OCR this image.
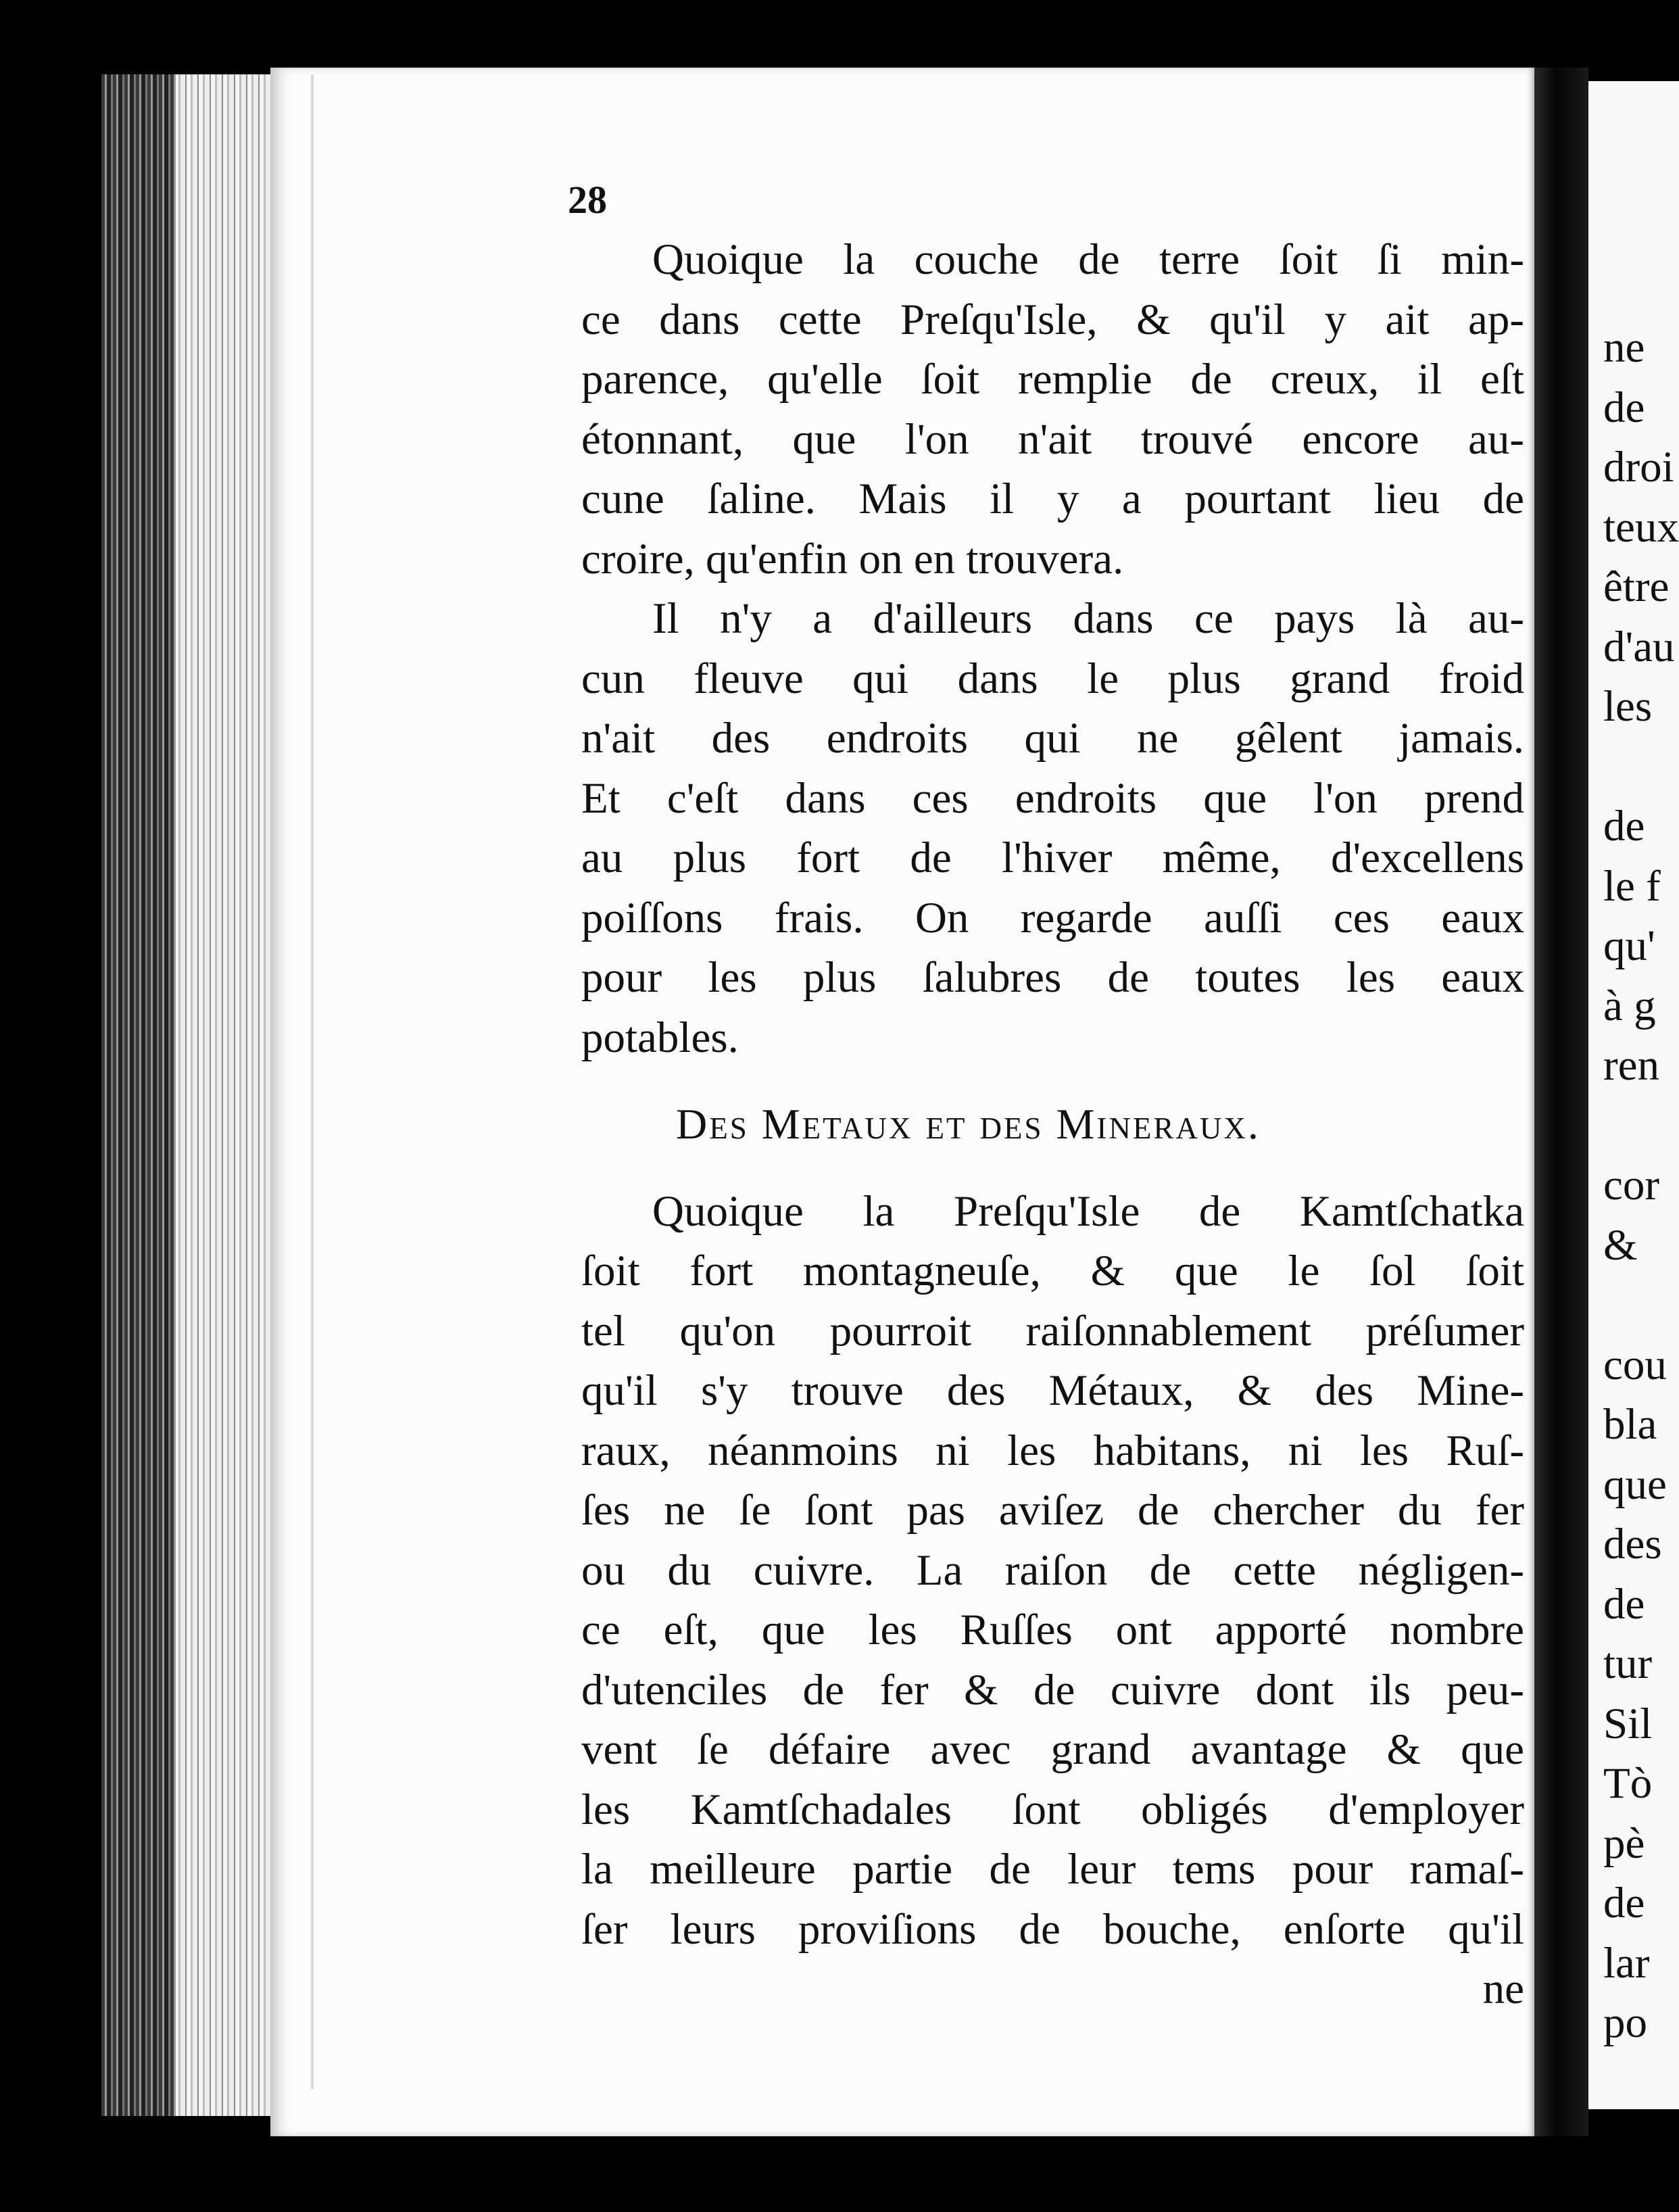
ne
de
droi
teux
être
d'au
les
de
le f
qu'
à g
ren
cor
&
cou
bla
que
des
de
tur
Sil
Tò
pè
de
lar
po
28
Quoique la couche de terre ſoit ſi min-
ce dans cette Preſqu'Isle, & qu'il y ait ap-
parence, qu'elle ſoit remplie de creux, il eſt
étonnant, que l'on n'ait trouvé encore au-
cune ſaline. Mais il y a pourtant lieu de
croire, qu'enfin on en trouvera.
Il n'y a d'ailleurs dans ce pays là au-
cun fleuve qui dans le plus grand froid
n'ait des endroits qui ne gêlent jamais.
Et c'eſt dans ces endroits que l'on prend
au plus fort de l'hiver même, d'excellens
poiſſons frais. On regarde auſſi ces eaux
pour les plus ſalubres de toutes les eaux
potables.
Des Metaux et des Mineraux.
Quoique la Preſqu'Isle de Kamtſchatka
ſoit fort montagneuſe, & que le ſol ſoit
tel qu'on pourroit raiſonnablement préſumer
qu'il s'y trouve des Métaux, & des Mine-
raux, néanmoins ni les habitans, ni les Ruſ-
ſes ne ſe ſont pas aviſez de chercher du fer
ou du cuivre. La raiſon de cette négligen-
ce eſt, que les Ruſſes ont apporté nombre
d'utenciles de fer & de cuivre dont ils peu-
vent ſe défaire avec grand avantage & que
les Kamtſchadales ſont obligés d'employer
la meilleure partie de leur tems pour ramaſ-
ſer leurs proviſions de bouche, enſorte qu'il
ne
